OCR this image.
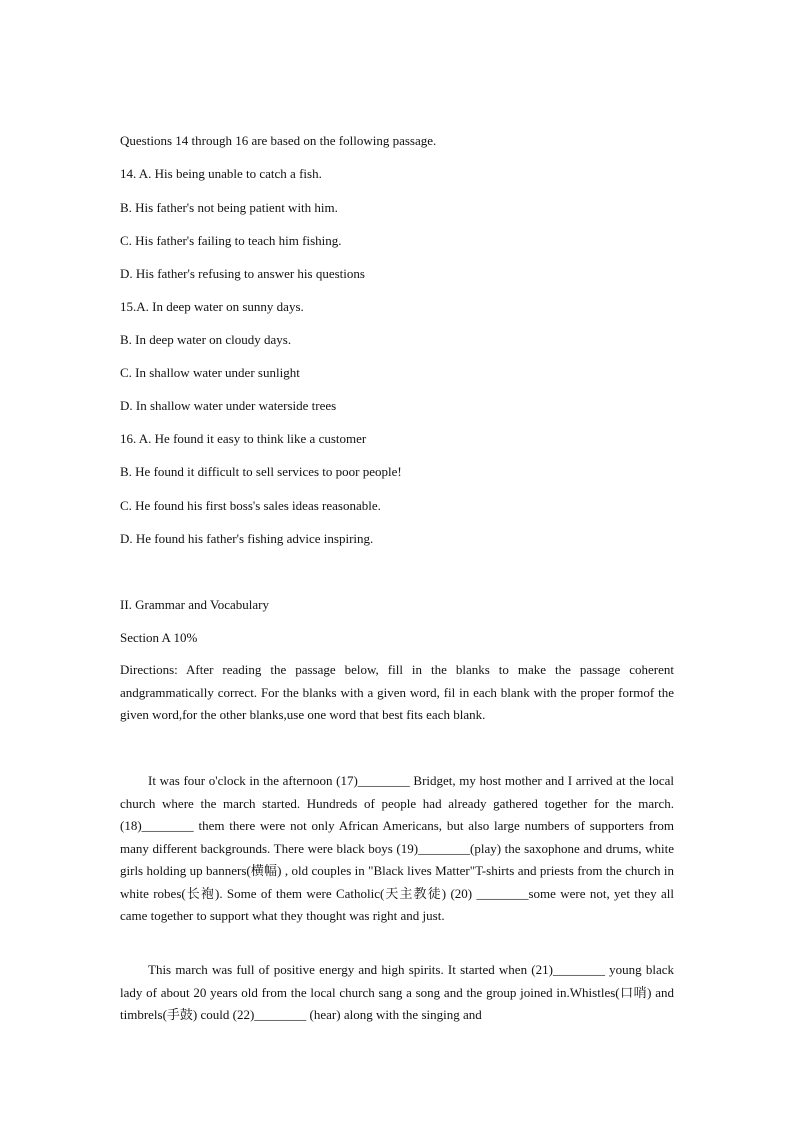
Questions 14 through 16 are based on the following passage.
14. A. His being unable to catch a fish.
B. His father's not being patient with him.
C. His father's failing to teach him fishing.
D. His father's refusing to answer his questions
15.A. In deep water on sunny days.
B. In deep water on cloudy days.
C. In shallow water under sunlight
D. In shallow water under waterside trees
16. A. He found it easy to think like a customer
B. He found it difficult to sell services to poor people!
C. He found his first boss's sales ideas reasonable.
D. He found his father's fishing advice inspiring.
II. Grammar and Vocabulary
Section A 10%
Directions: After reading the passage below, fill in the blanks to make the passage coherent andgrammatically correct. For the blanks with a given word, fil in each blank with the proper formof the given word,for the other blanks,use one word that best fits each blank.
It was four o'clock in the afternoon (17)________ Bridget, my host mother and I arrived at the local church where the march started. Hundreds of people had already gathered together for the march. (18)________ them there were not only African Americans, but also large numbers of supporters from many different backgrounds. There were black boys (19)________(play) the saxophone and drums, white girls holding up banners(横幅) , old couples in "Black lives Matter"T-shirts and priests from the church in white robes(长袍). Some of them were Catholic(天主教徒) (20) ________some were not, yet they all came together to support what they thought was right and just.
This march was full of positive energy and high spirits. It started when (21)________ young black lady of about 20 years old from the local church sang a song and the group joined in.Whistles(口哨) and timbrels(手鼓) could (22)________ (hear) along with the singing and
